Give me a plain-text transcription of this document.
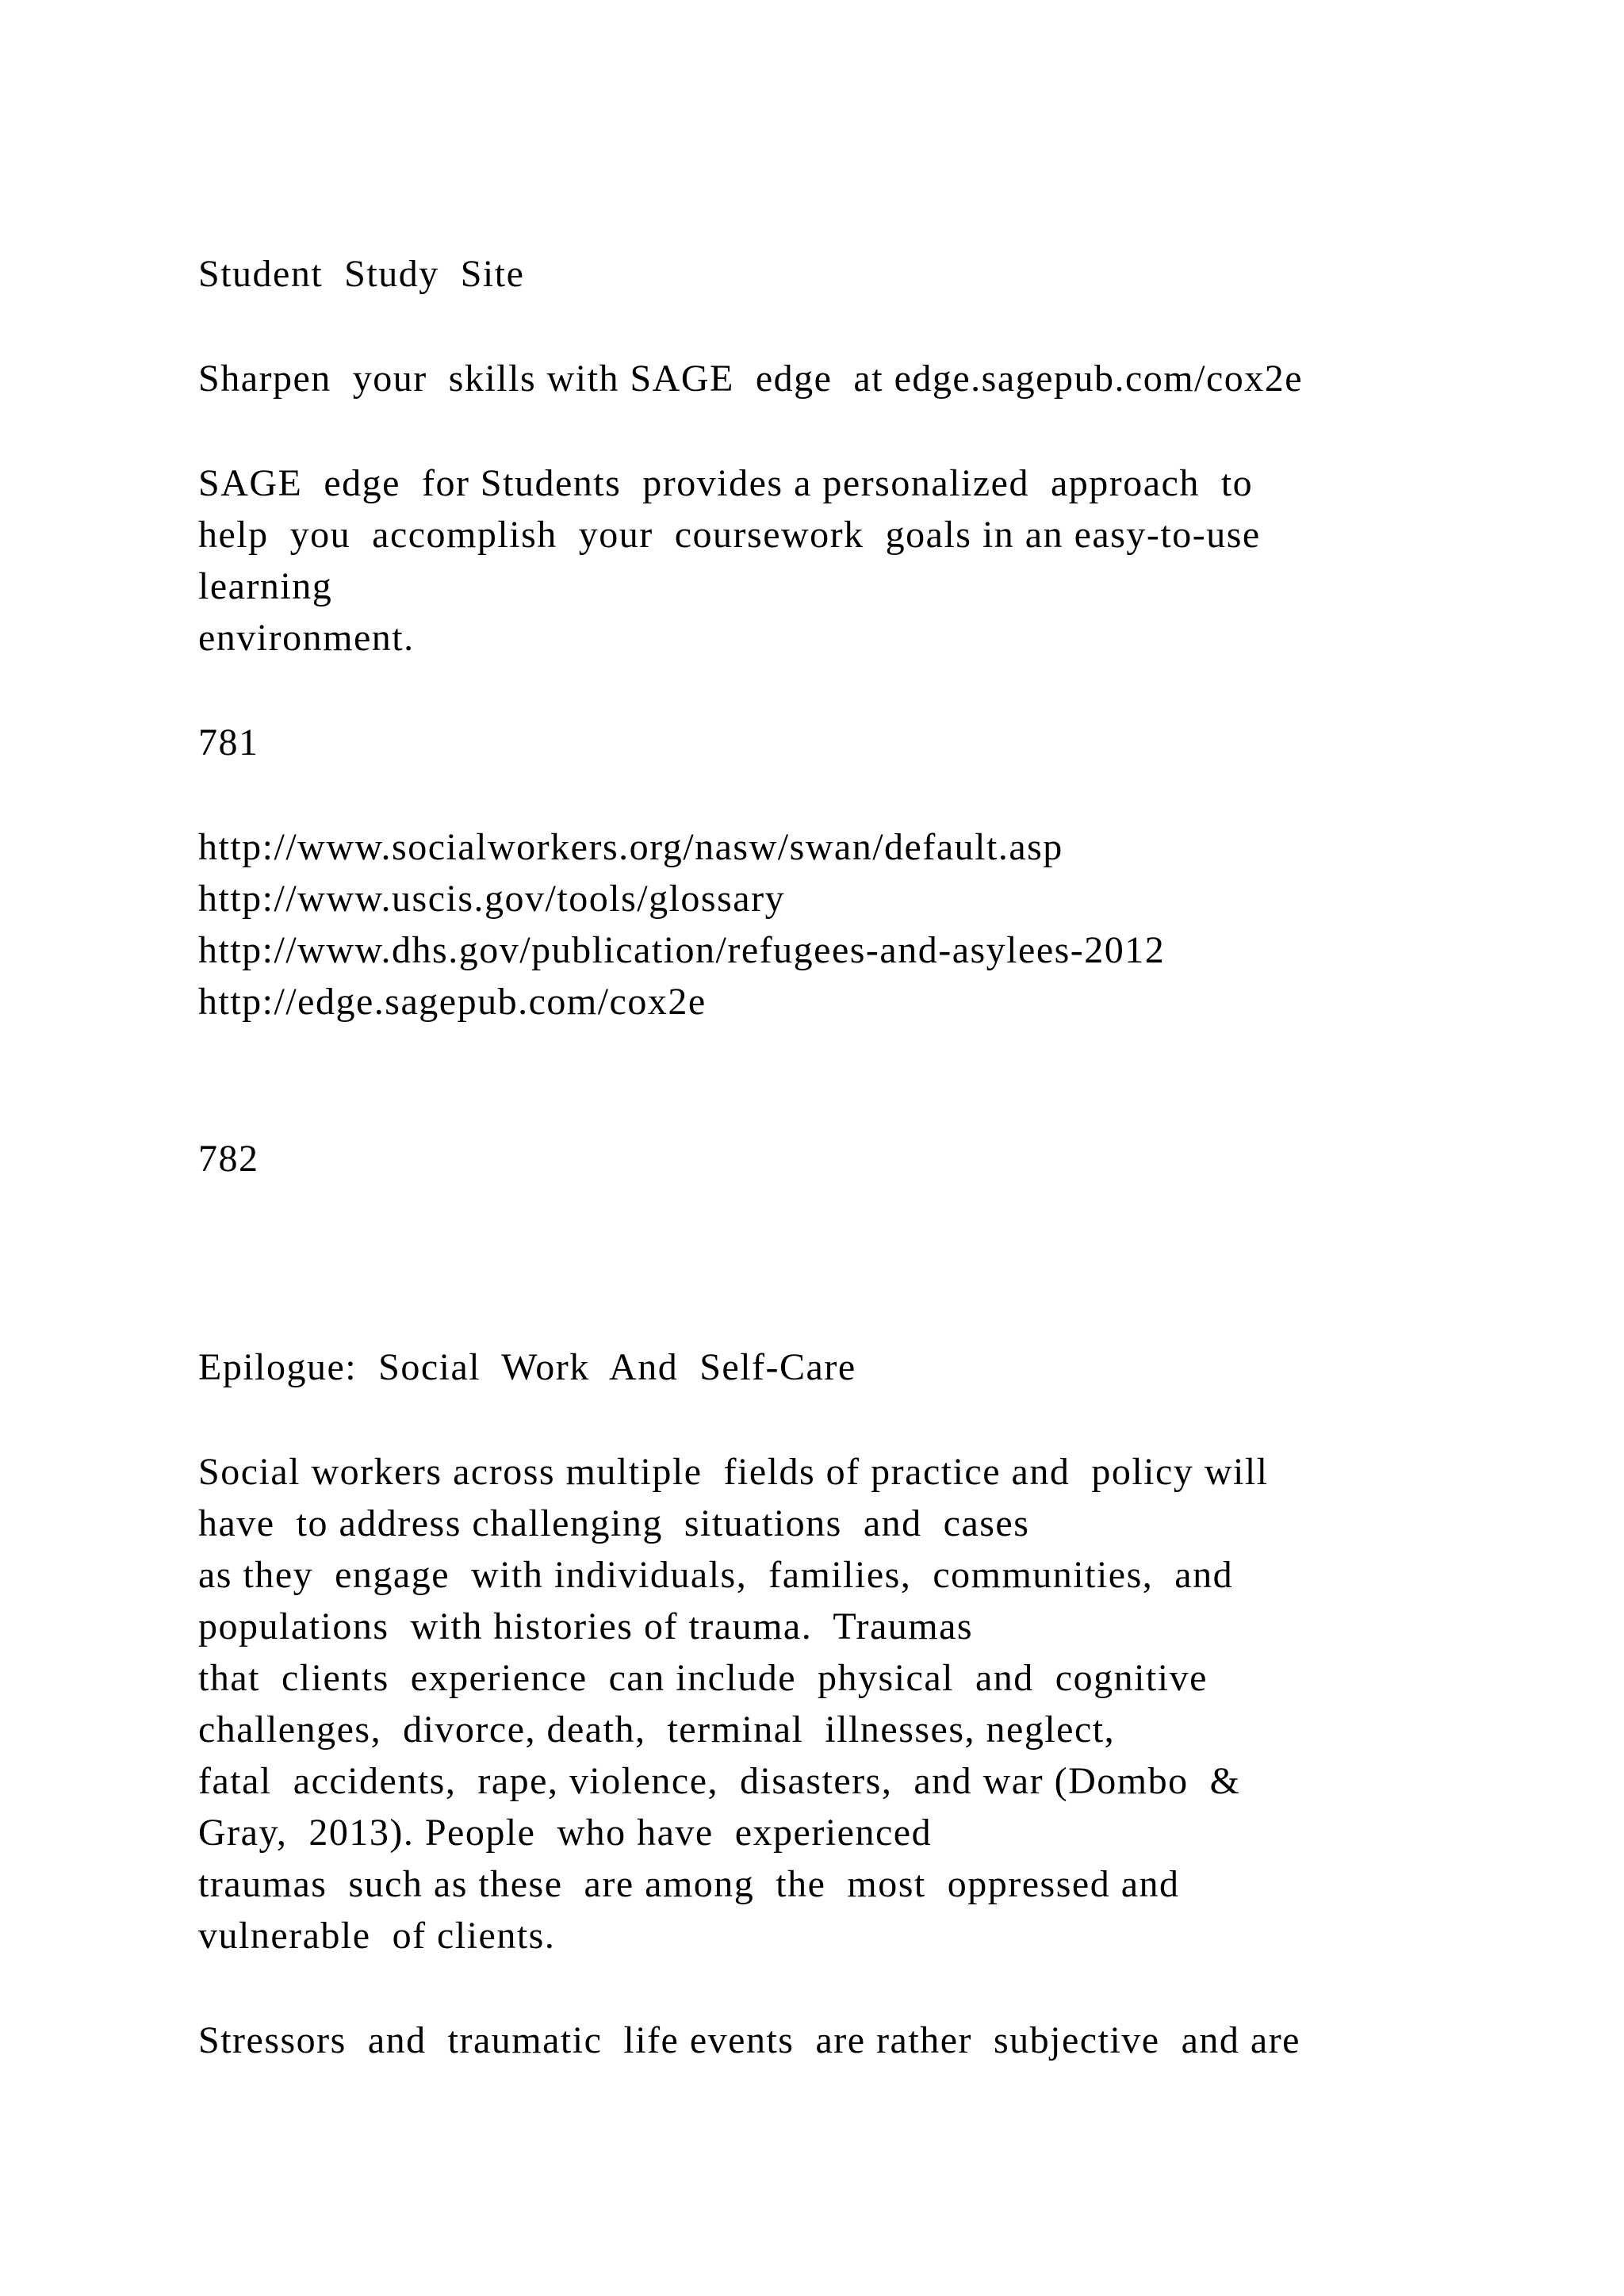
Student  Study  Site
Sharpen  your  skills with SAGE  edge  at edge.sagepub.com/cox2e
SAGE  edge  for Students  provides a personalized  approach  to
help  you  accomplish  your  coursework  goals in an easy-to-use
learning
environment.
781
http://www.socialworkers.org/nasw/swan/default.asp
http://www.uscis.gov/tools/glossary
http://www.dhs.gov/publication/refugees-and-asylees-2012
http://edge.sagepub.com/cox2e
782
Epilogue:  Social  Work  And  Self-Care
Social workers across multiple  fields of practice and  policy will
have  to address challenging  situations  and  cases
as they  engage  with individuals,  families,  communities,  and
populations  with histories of trauma.  Traumas
that  clients  experience  can include  physical  and  cognitive
challenges,  divorce, death,  terminal  illnesses, neglect,
fatal  accidents,  rape, violence,  disasters,  and war (Dombo  &
Gray,  2013). People  who have  experienced
traumas  such as these  are among  the  most  oppressed and
vulnerable  of clients.
Stressors  and  traumatic  life events  are rather  subjective  and are
